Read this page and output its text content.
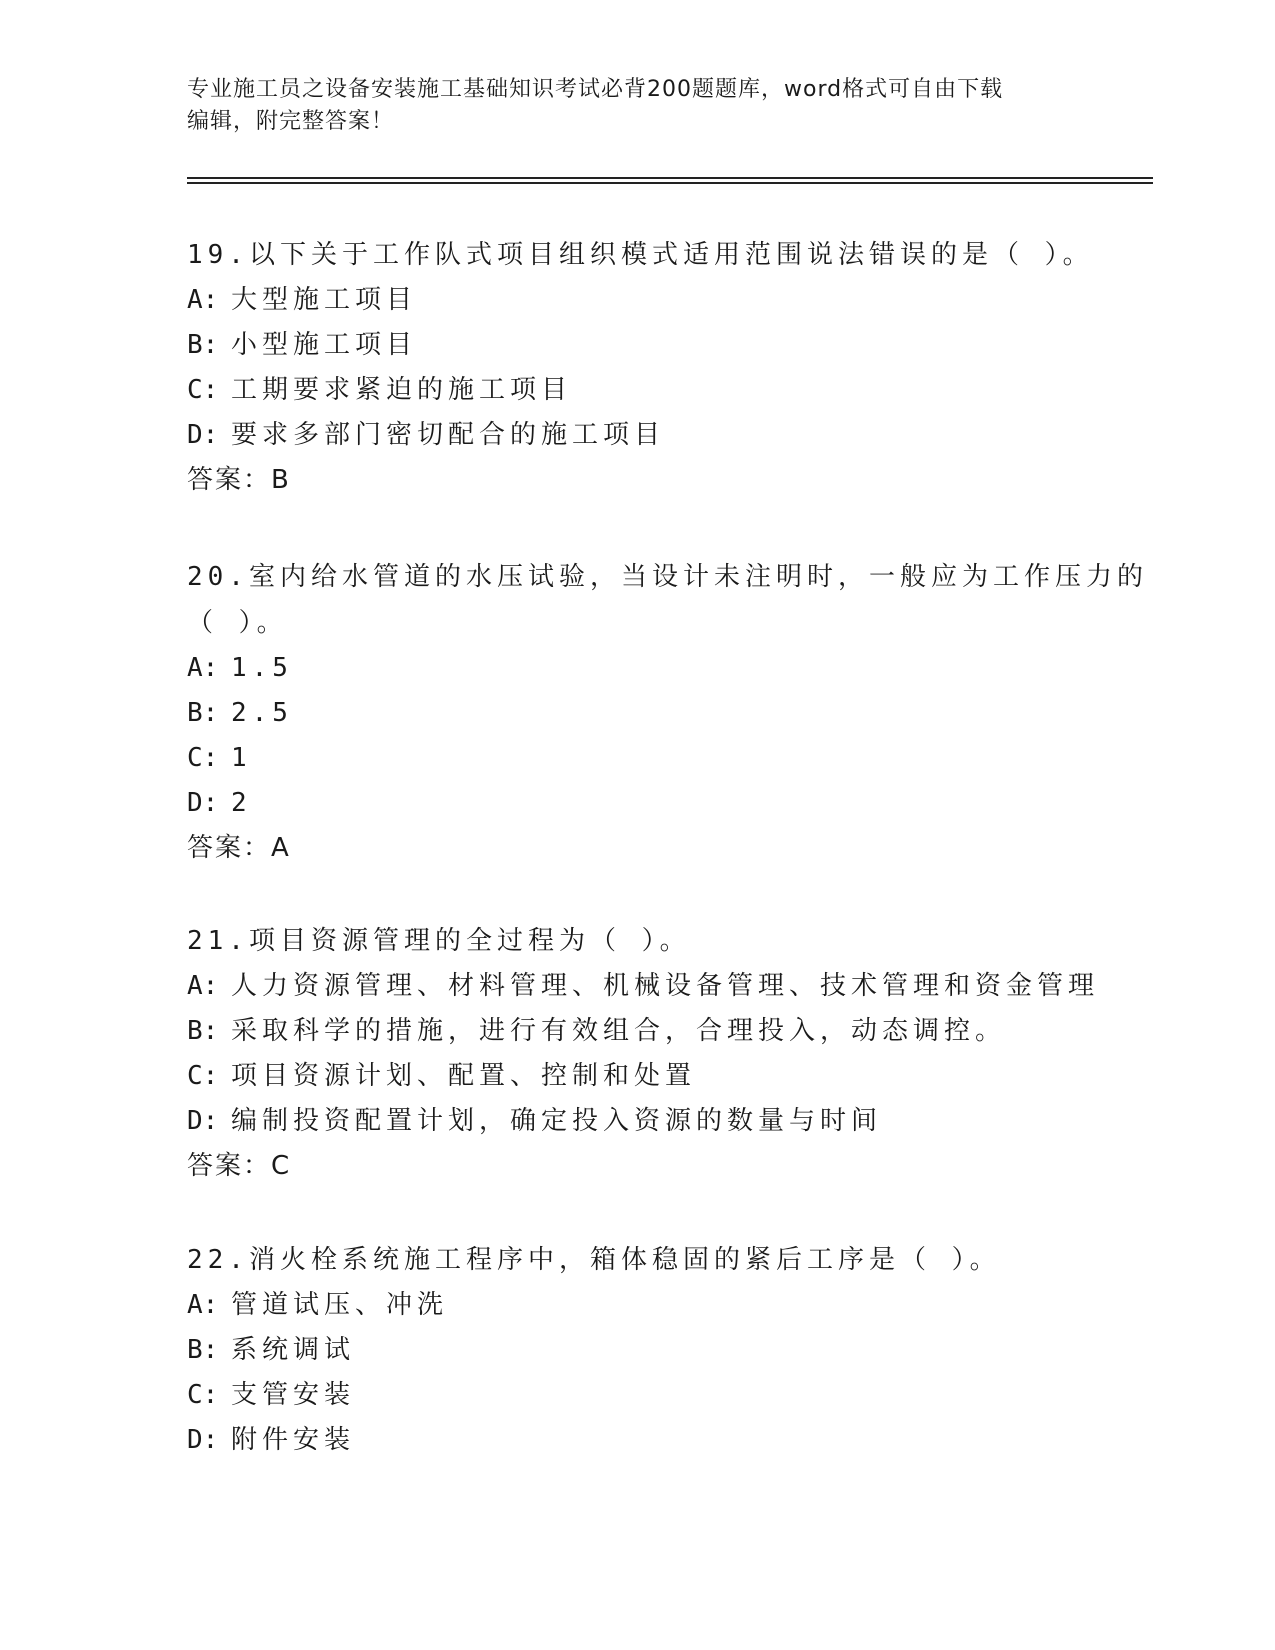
专业施工员之设备安装施工基础知识考试必背200题题库，word格式可自由下载
编辑，附完整答案！
19.以下关于工作队式项目组织模式适用范围说法错误的是（ ）。
A: 大型施工项目
B: 小型施工项目
C: 工期要求紧迫的施工项目
D: 要求多部门密切配合的施工项目
答案：B
20.室内给水管道的水压试验，当设计未注明时，一般应为工作压力的
（ ）。
A: 1.5
B: 2.5
C: 1
D: 2
答案：A
21.项目资源管理的全过程为（ ）。
A: 人力资源管理、材料管理、机械设备管理、技术管理和资金管理
B: 采取科学的措施，进行有效组合，合理投入，动态调控。
C: 项目资源计划、配置、控制和处置
D: 编制投资配置计划，确定投入资源的数量与时间
答案：C
22.消火栓系统施工程序中，箱体稳固的紧后工序是（ ）。
A: 管道试压、冲洗
B: 系统调试
C: 支管安装
D: 附件安装
